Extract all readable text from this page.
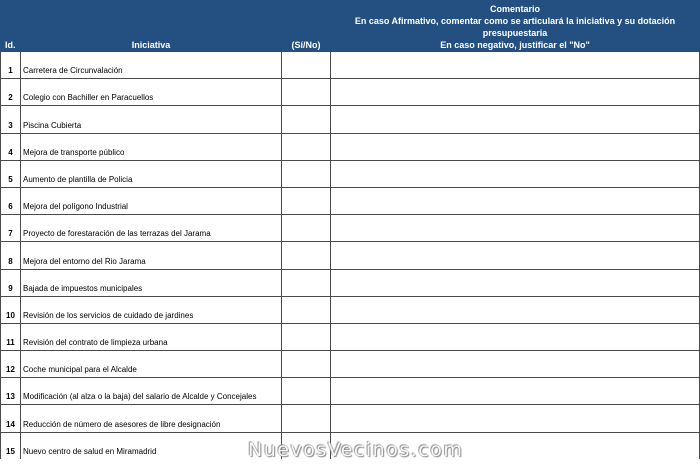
Id.	Iniciativa	(Sí/No)	Comentario
En caso Afirmativo, comentar como se articulará la iniciativa y su dotación presupuestaria
En caso negativo, justificar el "No"

1	Carretera de Circunvalación		
2	Colegio con Bachiller en Paracuellos		
3	Piscina Cubierta		
4	Mejora de transporte público		
5	Aumento de plantilla de Policia		
6	Mejora del polígono Industrial		
7	Proyecto de forestaración de las terrazas del Jarama		
8	Mejora del entorno del Rio Jarama		
9	Bajada de impuestos municipales		
10	Revisión de los servicios de cuidado de jardines		
11	Revisión del contrato de limpieza urbana		
12	Coche municipal para el Alcalde		
13	Modificación (al alza o la baja) del salario de Alcalde y Concejales		
14	Reducción de número de asesores de libre designación		
15	Nuevo centro de salud en Miramadrid			NuevosVecinos.com
